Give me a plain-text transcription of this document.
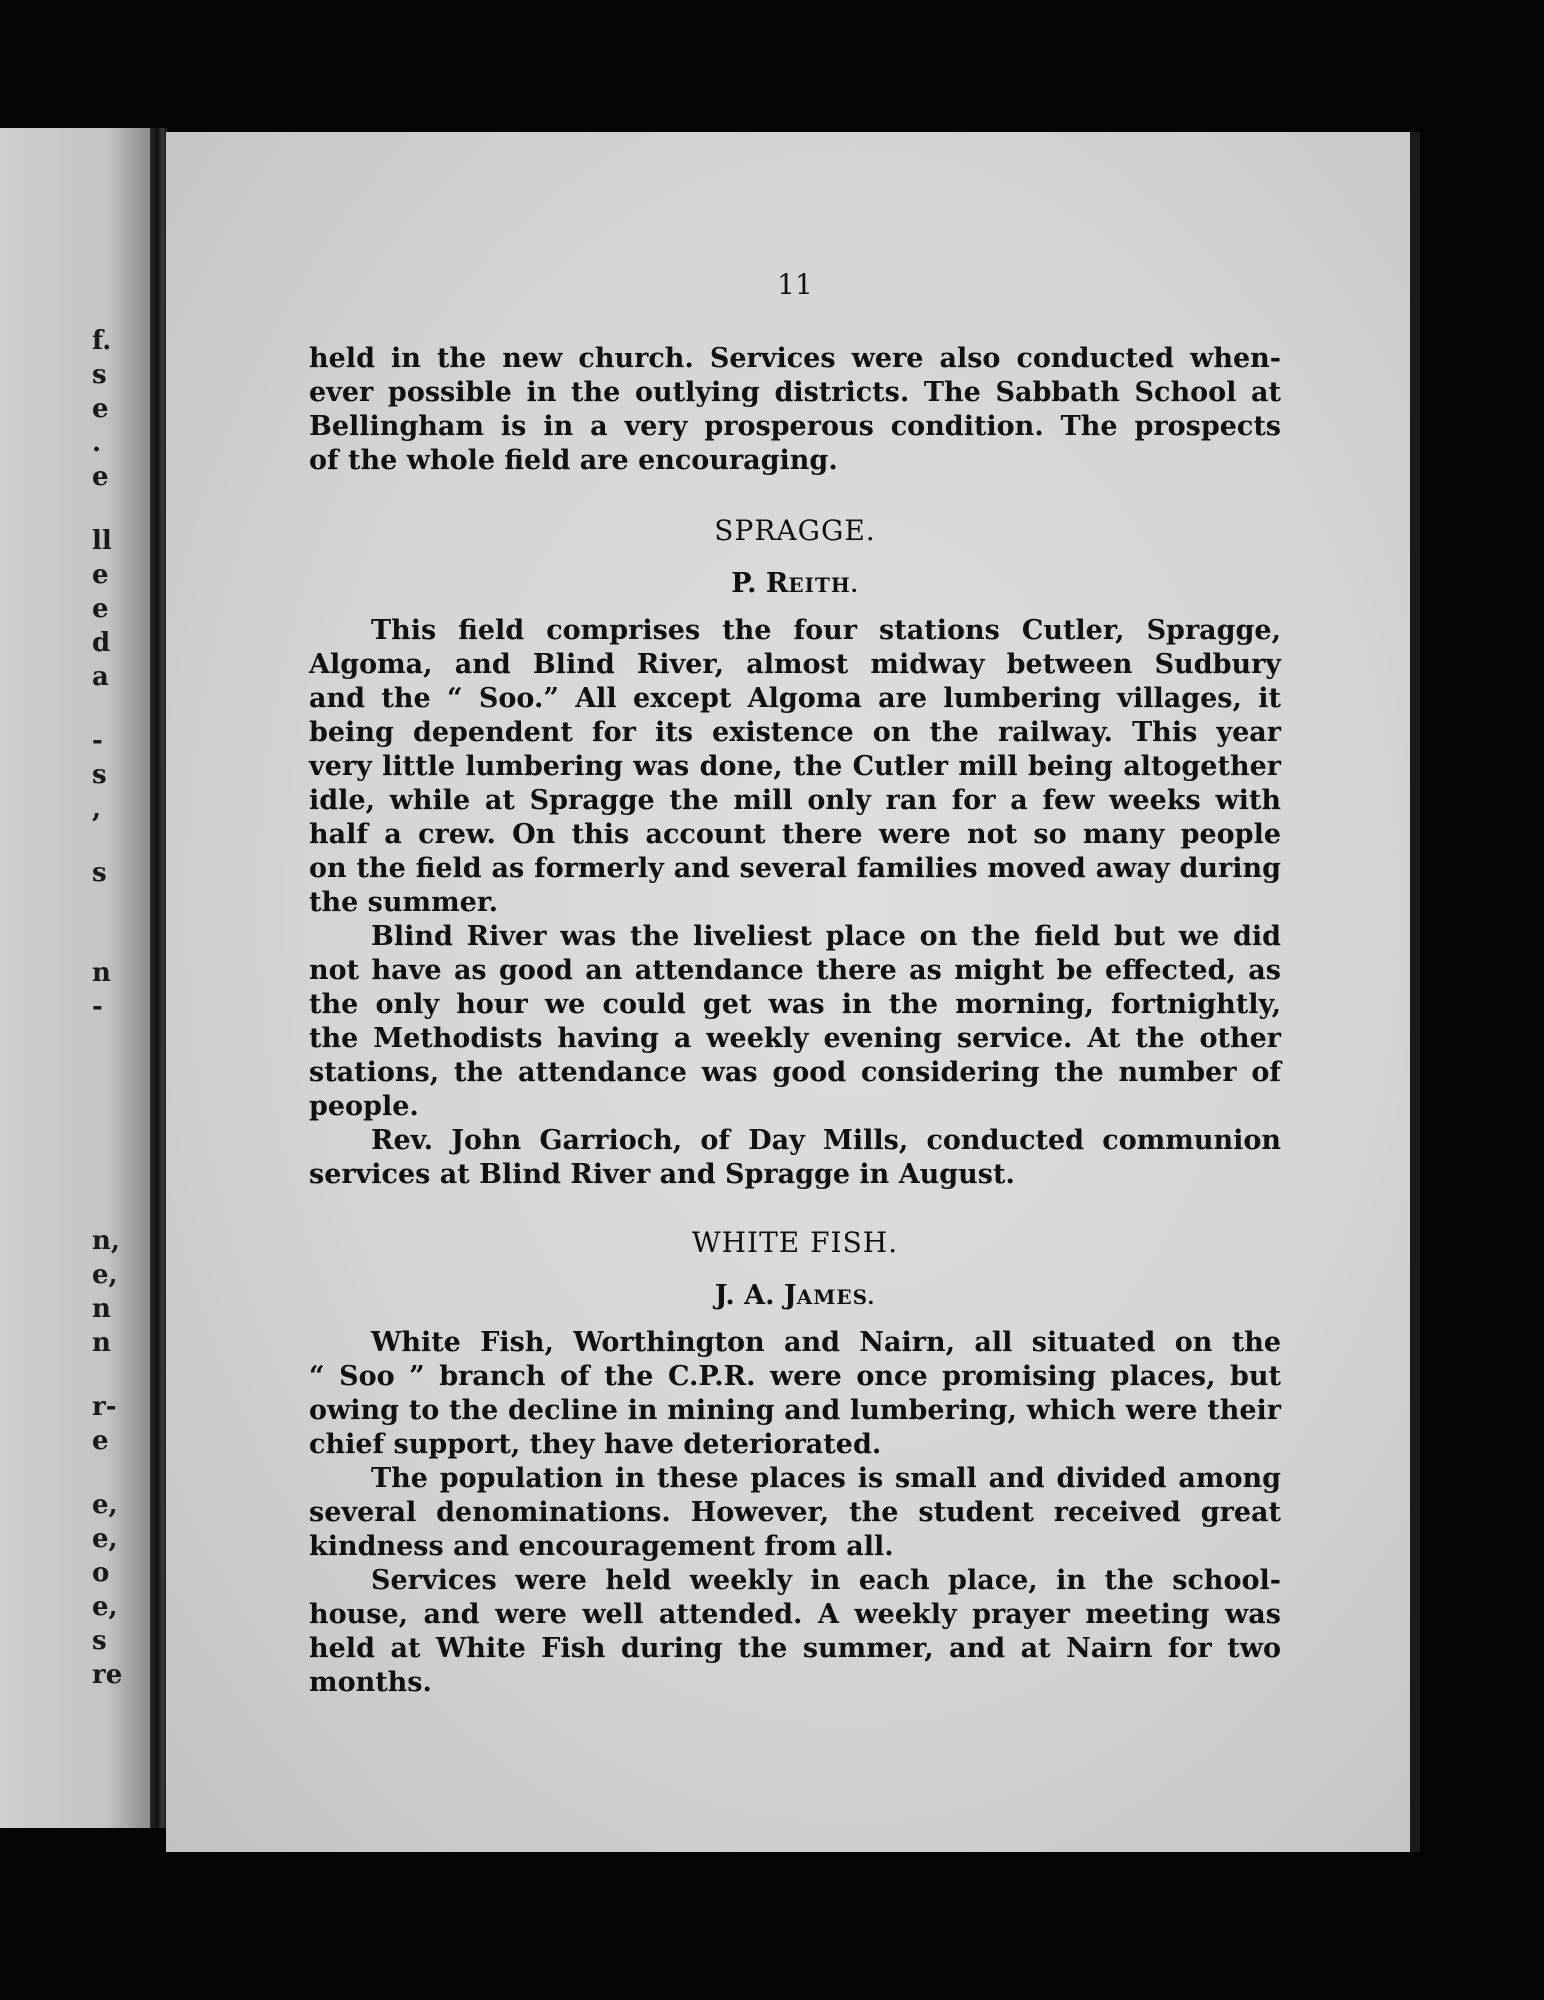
f.
s
e
.
e
ll
e
e
d
a
-
s
,
s
n
-
n,
e,
n
n
r-
e
e,
e,
o
e,
s
re
11
held in the new church. Services were also conducted when-
ever possible in the outlying districts. The Sabbath School at
Bellingham is in a very prosperous condition. The prospects
of the whole field are encouraging.
SPRAGGE.
P. REITH.
This field comprises the four stations Cutler, Spragge,
Algoma, and Blind River, almost midway between Sudbury
and the “ Soo.” All except Algoma are lumbering villages, it
being dependent for its existence on the railway. This year
very little lumbering was done, the Cutler mill being altogether
idle, while at Spragge the mill only ran for a few weeks with
half a crew. On this account there were not so many people
on the field as formerly and several families moved away during
the summer.
Blind River was the liveliest place on the field but we did
not have as good an attendance there as might be effected, as
the only hour we could get was in the morning, fortnightly,
the Methodists having a weekly evening service. At the other
stations, the attendance was good considering the number of
people.
Rev. John Garrioch, of Day Mills, conducted communion
services at Blind River and Spragge in August.
WHITE FISH.
J. A. JAMES.
White Fish, Worthington and Nairn, all situated on the
“ Soo ” branch of the C.P.R. were once promising places, but
owing to the decline in mining and lumbering, which were their
chief support, they have deteriorated.
The population in these places is small and divided among
several denominations. However, the student received great
kindness and encouragement from all.
Services were held weekly in each place, in the school-
house, and were well attended. A weekly prayer meeting was
held at White Fish during the summer, and at Nairn for two
months.
